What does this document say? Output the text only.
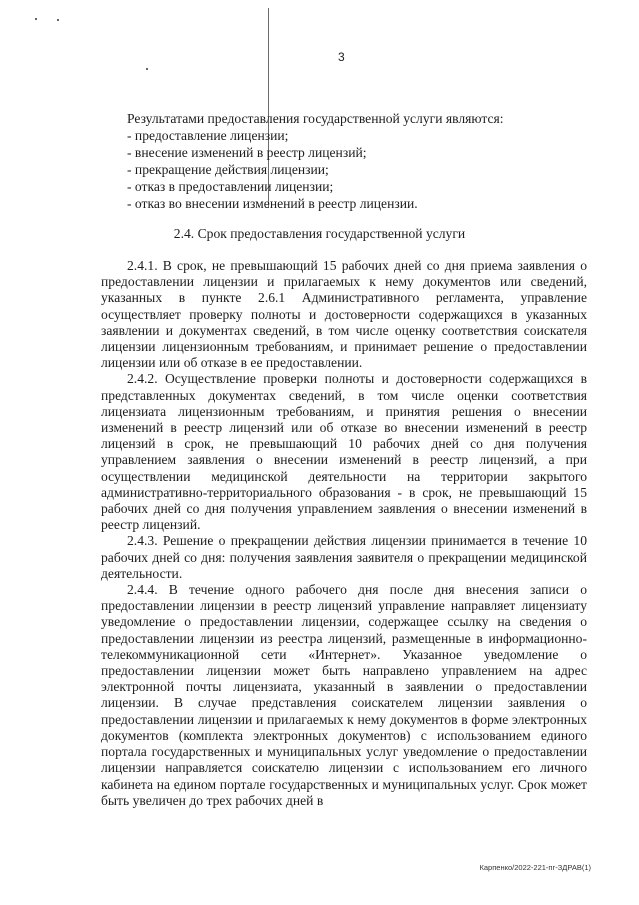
3
Результатами предоставления государственной услуги являются:
- предоставление лицензии;
- внесение изменений в реестр лицензий;
- прекращение действия лицензии;
- отказ в предоставлении лицензии;
- отказ во внесении изменений в реестр лицензии.
2.4. Срок предоставления государственной услуги

2.4.1. В срок, не превышающий 15 рабочих дней со дня приема заявления о предоставлении лицензии и прилагаемых к нему документов или сведений, указанных в пункте 2.6.1 Административного регламента, управление осуществляет проверку полноты и достоверности содержащихся в указанных заявлении и документах сведений, в том числе оценку соответствия соискателя лицензии лицензионным требованиям, и принимает решение о предоставлении лицензии или об отказе в ее предоставлении.

2.4.2. Осуществление проверки полноты и достоверности содержащихся в представленных документах сведений, в том числе оценки соответствия лицензиата лицензионным требованиям, и принятия решения о внесении изменений в реестр лицензий или об отказе во внесении изменений в реестр лицензий в срок, не превышающий 10 рабочих дней со дня получения управлением заявления о внесении изменений в реестр лицензий, а при осуществлении медицинской деятельности на территории закрытого административно-территориального образования - в срок, не превышающий 15 рабочих дней со дня получения управлением заявления о внесении изменений в реестр лицензий.

2.4.3. Решение о прекращении действия лицензии принимается в течение 10 рабочих дней со дня: получения заявления заявителя о прекращении медицинской деятельности.

2.4.4. В течение одного рабочего дня после дня внесения записи о предоставлении лицензии в реестр лицензий управление направляет лицензиату уведомление о предоставлении лицензии, содержащее ссылку на сведения о предоставлении лицензии из реестра лицензий, размещенные в информационно-телекоммуникационной сети «Интернет». Указанное уведомление о предоставлении лицензии может быть направлено управлением на адрес электронной почты лицензиата, указанный в заявлении о предоставлении лицензии. В случае представления соискателем лицензии заявления о предоставлении лицензии и прилагаемых к нему документов в форме электронных документов (комплекта электронных документов) с использованием единого портала государственных и муниципальных услуг уведомление о предоставлении лицензии направляется соискателю лицензии с использованием его личного кабинета на едином портале государственных и муниципальных услуг. Срок может быть увеличен до трех рабочих дней в

Карпенко/2022-221-пг-ЗДРАВ(1)
